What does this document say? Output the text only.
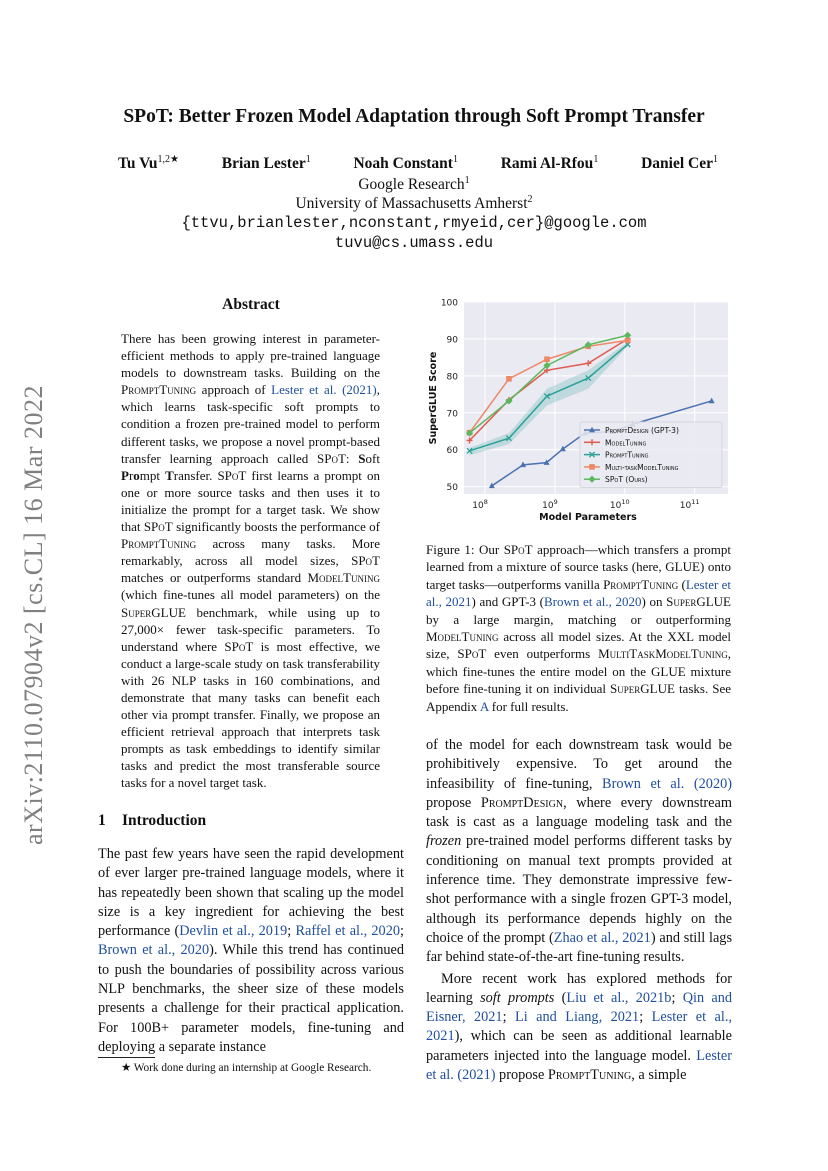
arXiv:2110.07904v2 [cs.CL] 16 Mar 2022
SPoT: Better Frozen Model Adaptation through Soft Prompt Transfer
Tu $Vu^{1,2★}$	Brian Lester$^1$	Noah Constant$^1$	Rami Al-Rfou$^1$	Daniel Cer$^1$
Google Research$^1$
University of Massachusetts Amherst$^2$
{ttvu,brianlester,nconstant,rmyeid,cer}@google.com
tuvu@cs.umass.edu
Abstract
There has been growing interest in parameter-efficient methods to apply pre-trained language models to downstream tasks. Building on the PromptTuning approach of Lester et al. (2021), which learns task-specific soft prompts to condition a frozen pre-trained model to perform different tasks, we propose a novel prompt-based transfer learning approach called SPoT: Soft Prompt Transfer. SPoT first learns a prompt on one or more source tasks and then uses it to initialize the prompt for a target task. We show that SPoT significantly boosts the performance of PromptTuning across many tasks. More remarkably, across all model sizes, SPoT matches or outperforms standard ModelTuning (which fine-tunes all model parameters) on the SuperGLUE benchmark, while using up to 27,000× fewer task-specific parameters. To understand where SPoT is most effective, we conduct a large-scale study on task transferability with 26 NLP tasks in 160 combinations, and demonstrate that many tasks can benefit each other via prompt transfer. Finally, we propose an efficient retrieval approach that interprets task prompts as task embeddings to identify similar tasks and predict the most transferable source tasks for a novel target task.
1 Introduction
The past few years have seen the rapid development of ever larger pre-trained language models, where it has repeatedly been shown that scaling up the model size is a key ingredient for achieving the best performance (Devlin et al., 2019; Raffel et al., 2020; Brown et al., 2020). While this trend has continued to push the boundaries of possibility across various NLP benchmarks, the sheer size of these models presents a challenge for their practical application. For 100B+ parameter models, fine-tuning and deploying a separate instance
of the model for each downstream task would be prohibitively expensive. To get around the infeasibility of fine-tuning, Brown et al. (2020) propose PromptDesign, where every downstream task is cast as a language modeling task and the frozen pre-trained model performs different tasks by conditioning on manual text prompts provided at inference time. They demonstrate impressive few-shot performance with a single frozen GPT-3 model, although its performance depends highly on the choice of the prompt (Zhao et al., 2021) and still lags far behind state-of-the-art fine-tuning results.
More recent work has explored methods for learning soft prompts (Liu et al., 2021b; Qin and Eisner, 2021; Li and Liang, 2021; Lester et al., 2021), which can be seen as additional learnable parameters injected into the language model. Lester et al. (2021) propose PromptTuning, a simple
50
60
70
80
90
100
$10^8$	$10^9$	$10^{10}$	$10^{11}$
Model Parameters
SuperGLUE Score	PromptDesign (GPT-3)
ModelTuning
PromptTuning
Multi-taskModelTuning
SPoT (Ours)
Figure 1: Our SPoT approach—which transfers a prompt learned from a mixture of source tasks (here, GLUE) onto target tasks—outperforms vanilla PromptTuning (Lester et al., 2021) and GPT-3 (Brown et al., 2020) on SuperGLUE by a large margin, matching or outperforming ModelTuning across all model sizes. At the XXL model size, SPoT even outperforms MultiTaskModelTuning, which fine-tunes the entire model on the GLUE mixture before fine-tuning it on individual SuperGLUE tasks. See Appendix A for full results.
★ Work done during an internship at Google Research.
